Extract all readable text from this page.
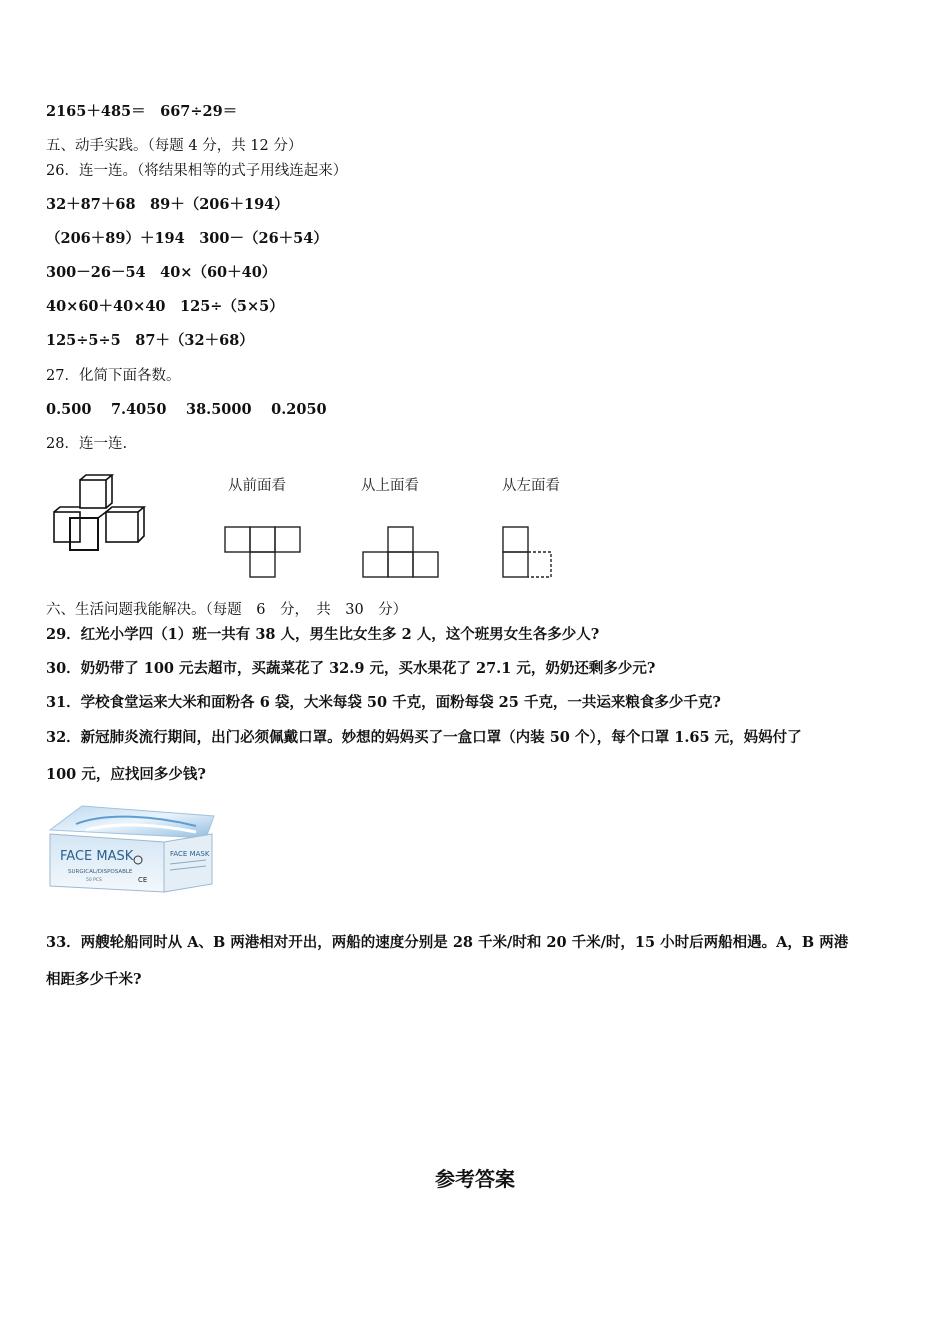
2165＋485＝　667÷29＝
五、动手实践。（每题 4 分，共 12 分）
26．连一连。（将结果相等的式子用线连起来）
32＋87＋68　89＋（206＋194）
（206＋89）＋194　300－（26＋54）
300－26－54　40×（60＋40）
40×60＋40×40　125÷（5×5）
125÷5÷5　87＋（32＋68）
27．化简下面各数。
0.500　 7.4050　 38.5000　 0.2050
28．连一连.
从前面看	从上面看	从左面看
六、生活问题我能解决。（每题　6　分，　共　30　分）
29．红光小学四（1）班一共有 38 人，男生比女生多 2 人，这个班男女生各多少人?
30．奶奶带了 100 元去超市，买蔬菜花了 32.9 元，买水果花了 27.1 元，奶奶还剩多少元?
31．学校食堂运来大米和面粉各 6 袋，大米每袋 50 千克，面粉每袋 25 千克，一共运来粮食多少千克?
32．新冠肺炎流行期间，出门必须佩戴口罩。妙想的妈妈买了一盒口罩（内装 50 个），每个口罩 1.65 元，妈妈付了
100 元，应找回多少钱?
FACE MASK
SURGICAL/DISPOSABLE
50 PCS	CE
FACE MASK
33．两艘轮船同时从 A、B 两港相对开出，两船的速度分别是 28 千米/时和 20 千米/时，15 小时后两船相遇。A，B 两港
相距多少千米?
参考答案
